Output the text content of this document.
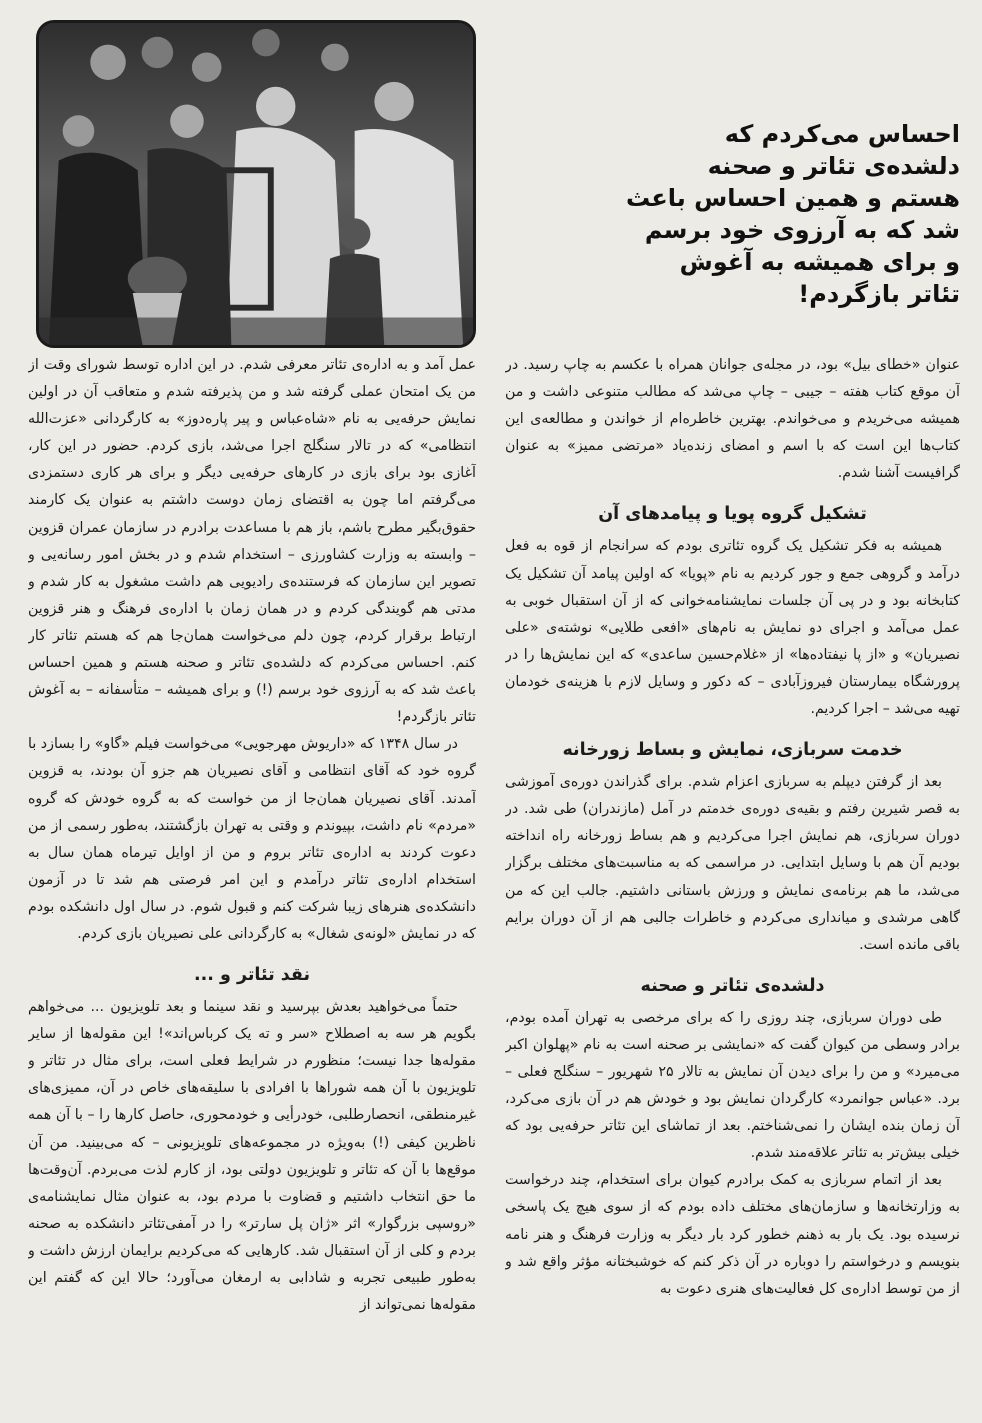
احساس می‌کردم که
دلشده‌ی تئاتر و صحنه
هستم و همین احساس باعث
شد که به آرزوی خود برسم
و برای همیشه به آغوش
تئاتر بازگردم!

عنوان «خطای بیل» بود، در مجله‌ی جوانان همراه با عکسم به چاپ رسید. در آن موقع کتاب هفته – جیبی – چاپ می‌شد که مطالب متنوعی داشت و من همیشه می‌خریدم و می‌خواندم. بهترین خاطره‌ام از خواندن و مطالعه‌ی این کتاب‌ها این است که با اسم و امضای زنده‌یاد «مرتضی ممیز» به عنوان گرافیست آشنا شدم.

تشکیل گروه پویا و پیامدهای آن

همیشه به فکر تشکیل یک گروه تئاتری بودم که سرانجام از قوه به فعل درآمد و گروهی جمع و جور کردیم به نام «پویا» که اولین پیامد آن تشکیل یک کتابخانه بود و در پی آن جلسات نمایشنامه‌خوانی که از آن استقبال خوبی به عمل می‌آمد و اجرای دو نمایش به نام‌های «افعی طلایی» نوشته‌ی «علی نصیریان» و «از پا نیفتاده‌ها» از «غلام‌حسین ساعدی» که این نمایش‌ها را در پرورشگاه بیمارستان فیروزآبادی – که دکور و وسایل لازم با هزینه‌ی خودمان تهیه می‌شد – اجرا کردیم.

خدمت سربازی، نمایش و بساط زورخانه

بعد از گرفتن دیپلم به سربازی اعزام شدم. برای گذراندن دوره‌ی آموزشی به قصر شیرین رفتم و بقیه‌ی دوره‌ی خدمتم در آمل (مازندران) طی شد. در دوران سربازی، هم نمایش اجرا می‌کردیم و هم بساط زورخانه راه انداخته بودیم آن هم با وسایل ابتدایی. در مراسمی که به مناسبت‌های مختلف برگزار می‌شد، ما هم برنامه‌ی نمایش و ورزش باستانی داشتیم. جالب این که من گاهی مرشدی و میانداری می‌کردم و خاطرات جالبی هم از آن دوران برایم باقی مانده است.

دلشده‌ی تئاتر و صحنه

طی دوران سربازی، چند روزی را که برای مرخصی به تهران آمده بودم، برادر وسطی من کیوان گفت که «نمایشی بر صحنه است به نام «پهلوان اکبر می‌میرد» و من را برای دیدن آن نمایش به تالار ۲۵ شهریور – سنگلج فعلی – برد. «عباس جوانمرد» کارگردان نمایش بود و خودش هم در آن بازی می‌کرد، آن زمان بنده ایشان را نمی‌شناختم. بعد از تماشای این تئاتر حرفه‌یی بود که خیلی بیش‌تر به تئاتر علاقه‌مند شدم.

بعد از اتمام سربازی به کمک برادرم کیوان برای استخدام، چند درخواست به وزارتخانه‌ها و سازمان‌های مختلف داده بودم که از سوی هیچ یک پاسخی نرسیده بود. یک بار به ذهنم خطور کرد بار دیگر به وزارت فرهنگ و هنر نامه بنویسم و درخواستم را دوباره در آن ذکر کنم که خوشبختانه مؤثر واقع شد و از من توسط اداره‌ی کل فعالیت‌های هنری دعوت به

عمل آمد و به اداره‌ی تئاتر معرفی شدم. در این اداره توسط شورای وقت از من یک امتحان عملی گرفته شد و من پذیرفته شدم و متعاقب آن در اولین نمایش حرفه‌یی به نام «شاه‌عباس و پیر پاره‌دوز» به کارگردانی «عزت‌الله انتظامی» که در تالار سنگلج اجرا می‌شد، بازی کردم. حضور در این کار، آغازی بود برای بازی در کارهای حرفه‌یی دیگر و برای هر کاری دستمزدی می‌گرفتم اما چون به اقتضای زمان دوست داشتم به عنوان یک کارمند حقوق‌بگیر مطرح باشم، باز هم با مساعدت برادرم در سازمان عمران قزوین – وابسته به وزارت کشاورزی – استخدام شدم و در بخش امور رسانه‌یی و تصویر این سازمان که فرستنده‌ی رادیویی هم داشت مشغول به کار شدم و مدتی هم گویندگی کردم و در همان زمان با اداره‌ی فرهنگ و هنر قزوین ارتباط برقرار کردم، چون دلم می‌خواست همان‌جا هم که هستم تئاتر کار کنم. احساس می‌کردم که دلشده‌ی تئاتر و صحنه هستم و همین احساس باعث شد که به آرزوی خود برسم (!) و برای همیشه – متأسفانه – به آغوش تئاتر بازگردم!

در سال ۱۳۴۸ که «داریوش مهرجویی» می‌خواست فیلم «گاو» را بسازد با گروه خود که آقای انتظامی و آقای نصیریان هم جزو آن بودند، به قزوین آمدند. آقای نصیریان همان‌جا از من خواست که به گروه خودش که گروه «مردم» نام داشت، بپیوندم و وقتی به تهران بازگشتند، به‌طور رسمی از من دعوت کردند به اداره‌ی تئاتر بروم و من از اوایل تیرماه همان سال به استخدام اداره‌ی تئاتر درآمدم و این امر فرصتی هم شد تا در آزمون دانشکده‌ی هنرهای زیبا شرکت کنم و قبول شوم. در سال اول دانشکده بودم که در نمایش «لونه‌ی شغال» به کارگردانی علی نصیریان بازی کردم.

نقد تئاتر و ...

حتماً می‌خواهید بعدش بپرسید و نقد سینما و بعد تلویزیون ... می‌خواهم بگویم هر سه به اصطلاح «سر و ته یک کرباس‌اند»! این مقوله‌ها از سایر مقوله‌ها جدا نیست؛ منظورم در شرایط فعلی است، برای مثال در تئاتر و تلویزیون با آن همه شوراها با افرادی با سلیقه‌های خاص در آن، ممیزی‌های غیرمنطقی، انحصارطلبی، خودرأیی و خودمحوری، حاصل کارها را – با آن همه ناظرین کیفی (!) به‌ویژه در مجموعه‌های تلویزیونی – که می‌بینید. من آن موقع‌ها با آن که تئاتر و تلویزیون دولتی بود، از کارم لذت می‌بردم. آن‌وقت‌ها ما حق انتخاب داشتیم و قضاوت با مردم بود، به عنوان مثال نمایشنامه‌ی «روسپی بزرگوار» اثر «ژان پل سارتر» را در آمفی‌تئاتر دانشکده به صحنه بردم و کلی از آن استقبال شد. کارهایی که می‌کردیم برایمان ارزش داشت و به‌طور طبیعی تجربه و شادابی به ارمغان می‌آورد؛ حالا این که گفتم این مقوله‌ها نمی‌تواند از
